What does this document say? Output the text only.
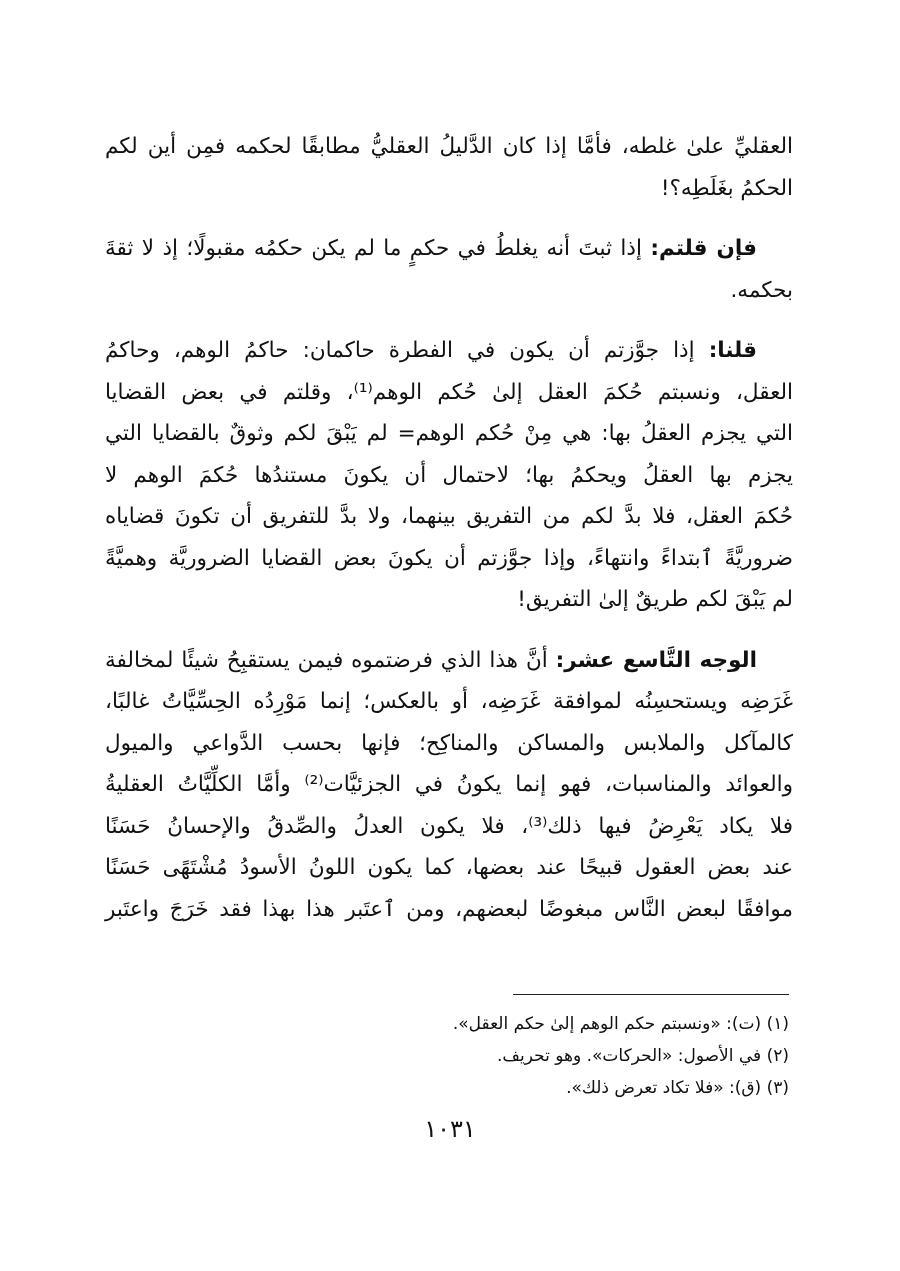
العقليِّ علىٰ غلطه، فأمَّا إذا كان الدَّليلُ العقليُّ مطابقًا لحكمه فمِن أين لكم
الحكمُ بغَلَطِه؟!
فإن قلتم: إذا ثبتَ أنه يغلطُ في حكمٍ ما لم يكن حكمُه مقبولًا؛ إذ لا ثقةَ
بحكمه.
قلنا: إذا جوَّزتم أن يكون في الفطرة حاكمان: حاكمُ الوهم، وحاكمُ
العقل، ونسبتم حُكمَ العقل إلىٰ حُكم الوهم⁽¹⁾، وقلتم في بعض القضايا
التي يجزم العقلُ بها: هي مِنْ حُكم الوهم= لم يَبْقَ لكم وثوقٌ بالقضايا التي
يجزم بها العقلُ ويحكمُ بها؛ لاحتمال أن يكونَ مستندُها حُكمَ الوهم لا
حُكمَ العقل، فلا بدَّ لكم من التفريق بينهما، ولا بدَّ للتفريق أن تكونَ قضاياه
ضروريَّةً ٱبتداءً وانتهاءً، وإذا جوَّزتم أن يكونَ بعض القضايا الضروريَّة وهميَّةً
لم يَبْقَ لكم طريقٌ إلىٰ التفريق!
الوجه التَّاسع عشر: أنَّ هذا الذي فرضتموه فيمن يستقبِحُ شيئًا لمخالفة
غَرَضِه ويستحسِنُه لموافقة غَرَضِه، أو بالعكس؛ إنما مَوْرِدُه الحِسِّيَّاتُ غالبًا،
كالمآكل والملابس والمساكن والمناكِح؛ فإنها بحسب الدَّواعي والميول
والعوائد والمناسبات، فهو إنما يكونُ في الجزئيَّات⁽²⁾ وأمَّا الكلِّيَّاتُ العقليةُ
فلا يكاد يَعْرِضُ فيها ذلك⁽³⁾، فلا يكون العدلُ والصِّدقُ والإحسانُ حَسَنًا
عند بعض العقول قبيحًا عند بعضها، كما يكون اللونُ الأسودُ مُشْتَهًى حَسَنًا
موافقًا لبعض النَّاس مبغوضًا لبعضهم، ومن ٱعتَبر هذا بهذا فقد خَرَجَ واعتَبر
(١) (ت): «ونسبتم حكم الوهم إلىٰ حكم العقل».
(٢) في الأصول: «الحركات». وهو تحريف.
(٣) (ق): «فلا تكاد تعرض ذلك».
١٠٣١
